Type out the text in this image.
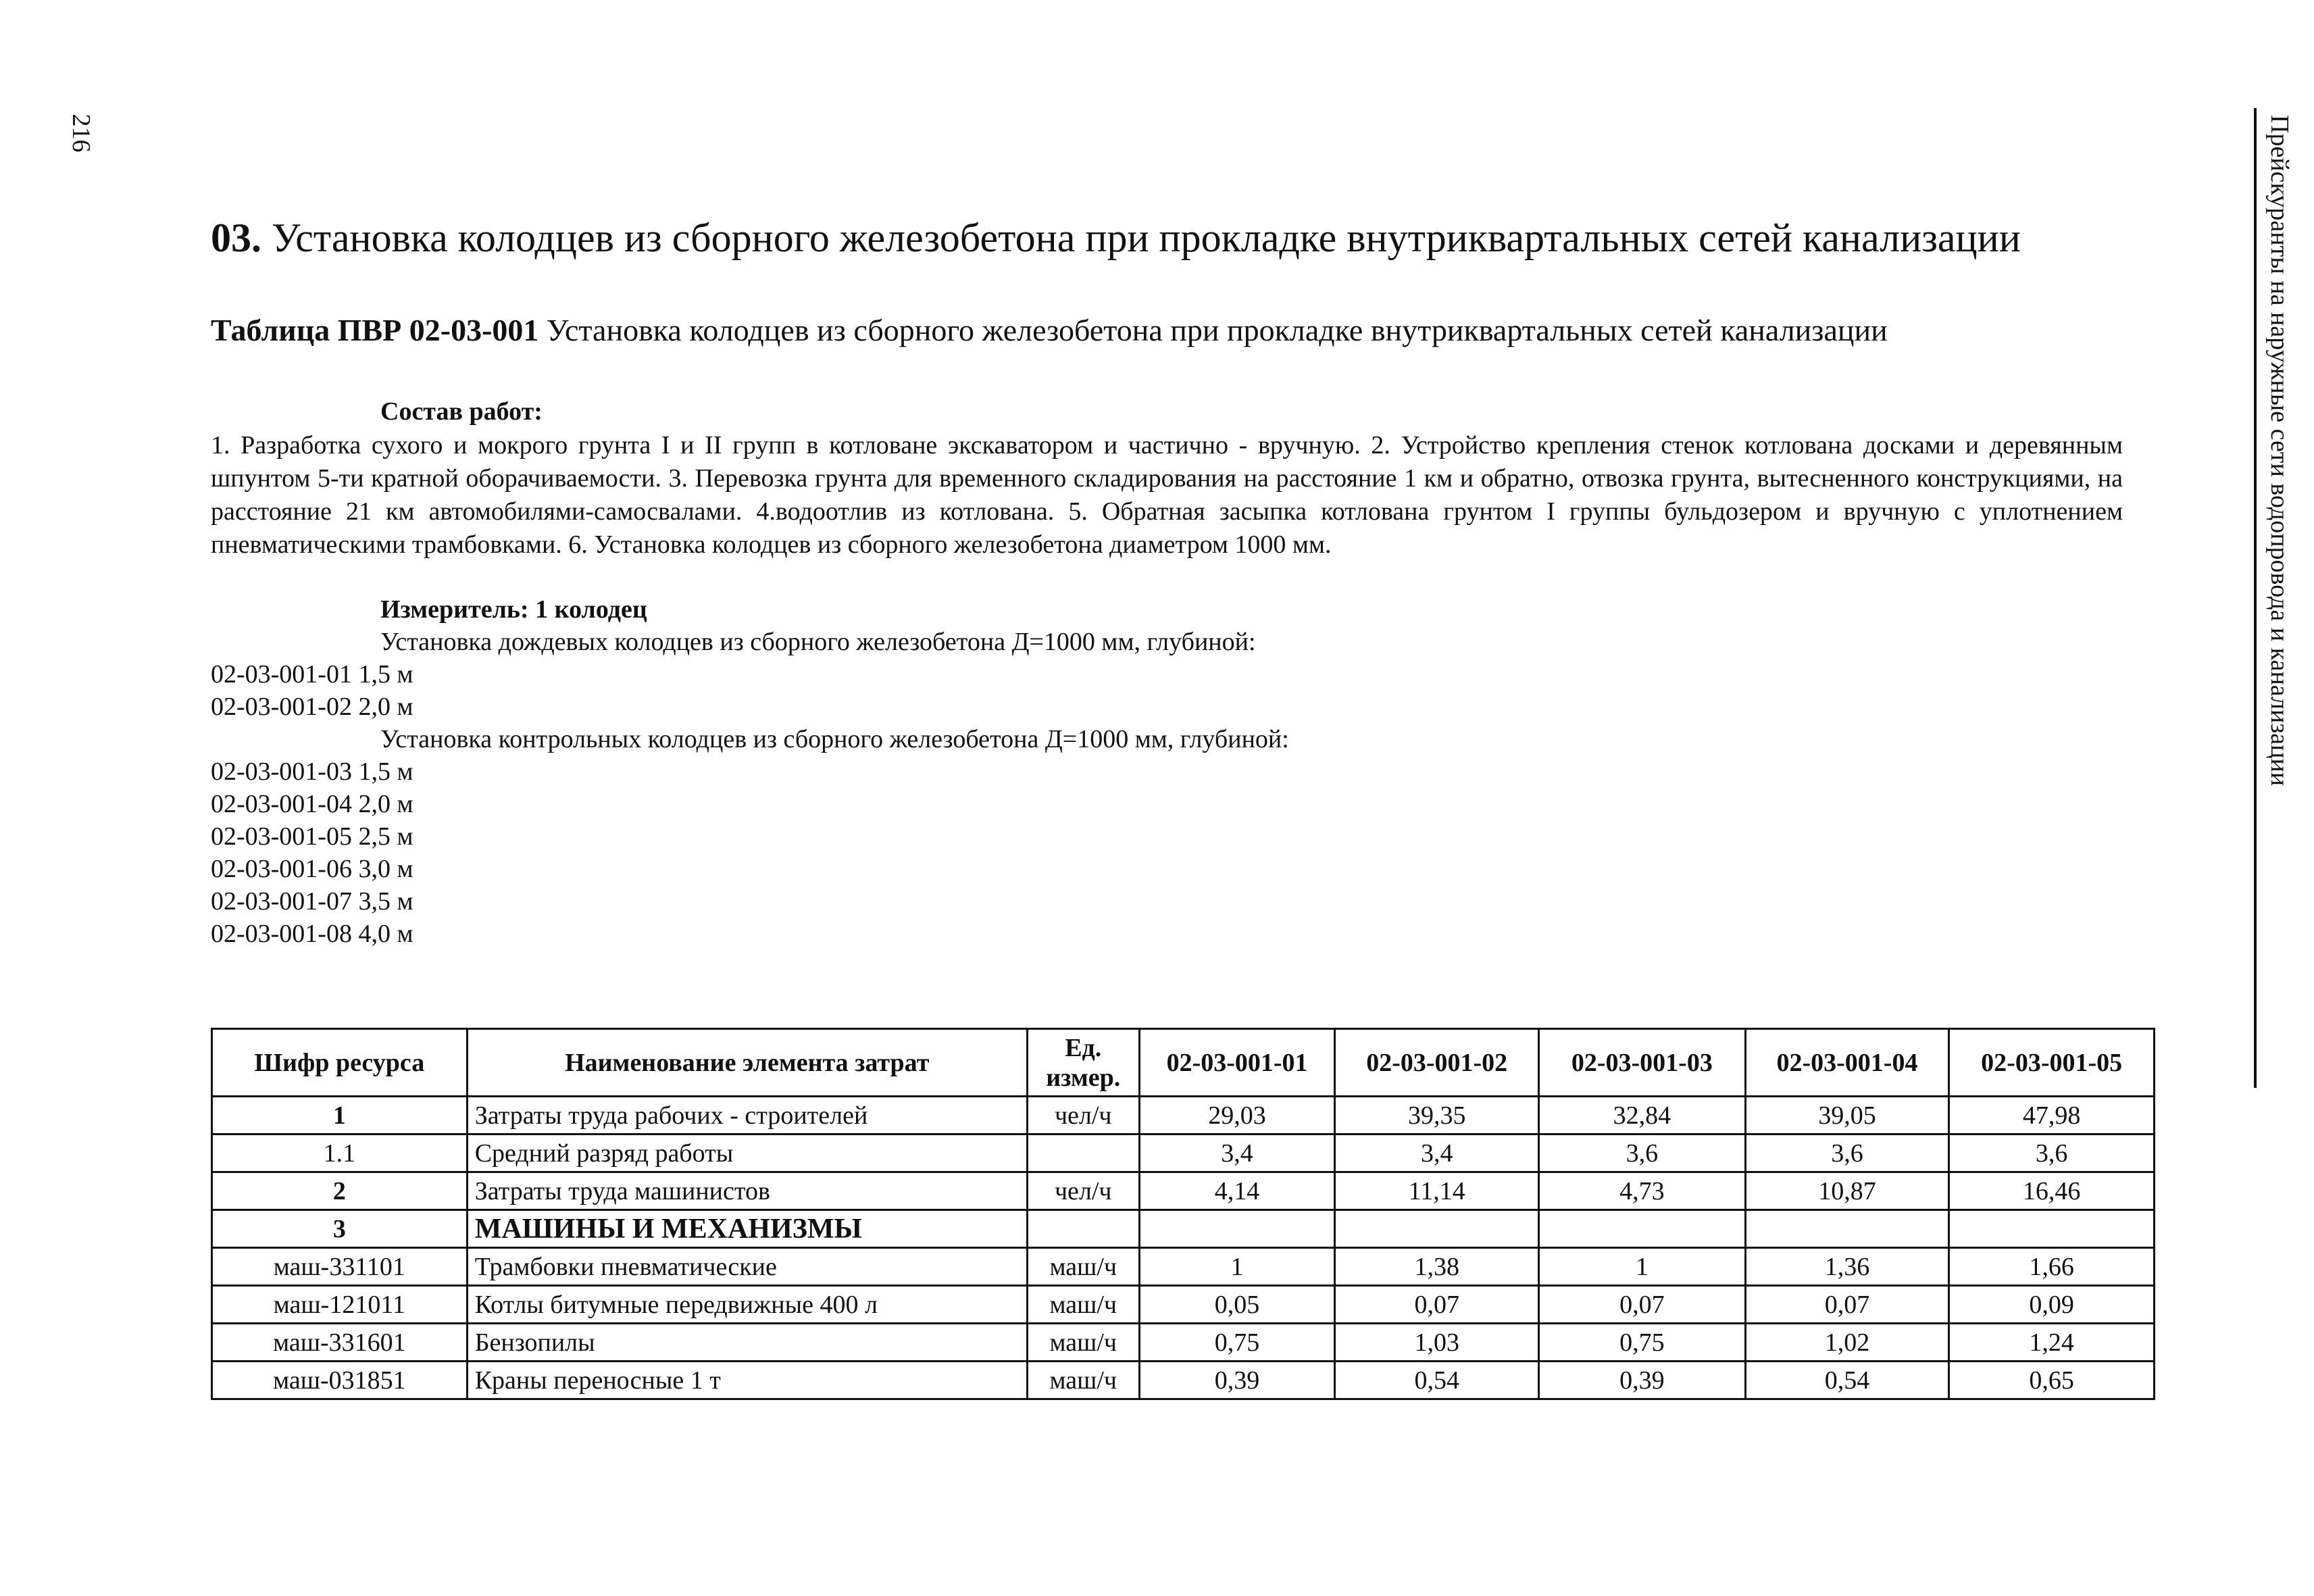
216	Прейскуранты на наружные сети водопровода и канализации
03. Установка колодцев из сборного железобетона при прокладке внутриквартальных сетей канализации
Таблица ПВР 02-03-001 Установка колодцев из сборного железобетона при прокладке внутриквартальных сетей канализации
Состав работ:
1. Разработка сухого и мокрого грунта I и II групп в котловане экскаватором и частично - вручную. 2. Устройство крепления стенок котлована досками и деревянным шпунтом 5-ти кратной оборачиваемости. 3. Перевозка грунта для временного складирования на расстояние 1 км и обратно, отвозка грунта, вытесненного конструкциями, на расстояние 21 км автомобилями-самосвалами. 4.водоотлив из котлована. 5. Обратная засыпка котлована грунтом I группы бульдозером и вручную с уплотнением пневматическими трамбовками. 6. Установка колодцев из сборного железобетона диаметром 1000 мм.
Измеритель: 1 колодец
Установка дождевых колодцев из сборного железобетона Д=1000 мм, глубиной:
02-03-001-01 1,5 м
02-03-001-02 2,0 м
Установка контрольных колодцев из сборного железобетона Д=1000 мм, глубиной:
02-03-001-03 1,5 м
02-03-001-04 2,0 м
02-03-001-05 2,5 м
02-03-001-06 3,0 м
02-03-001-07 3,5 м
02-03-001-08 4,0 м
Шифр ресурса	Наименование элемента затрат	Ед. измер.	02-03-001-01	02-03-001-02	02-03-001-03	02-03-001-04	02-03-001-05
1	Затраты труда рабочих - строителей	чел/ч	29,03	39,35	32,84	39,05	47,98
1.1	Средний разряд работы		3,4	3,4	3,6	3,6	3,6
2	Затраты труда машинистов	чел/ч	4,14	11,14	4,73	10,87	16,46
3	МАШИНЫ И МЕХАНИЗМЫ						
маш-331101	Трамбовки пневматические	маш/ч	1	1,38	1	1,36	1,66
маш-121011	Котлы битумные передвижные 400 л	маш/ч	0,05	0,07	0,07	0,07	0,09
маш-331601	Бензопилы	маш/ч	0,75	1,03	0,75	1,02	1,24
маш-031851	Краны переносные 1 т	маш/ч	0,39	0,54	0,39	0,54	0,65
